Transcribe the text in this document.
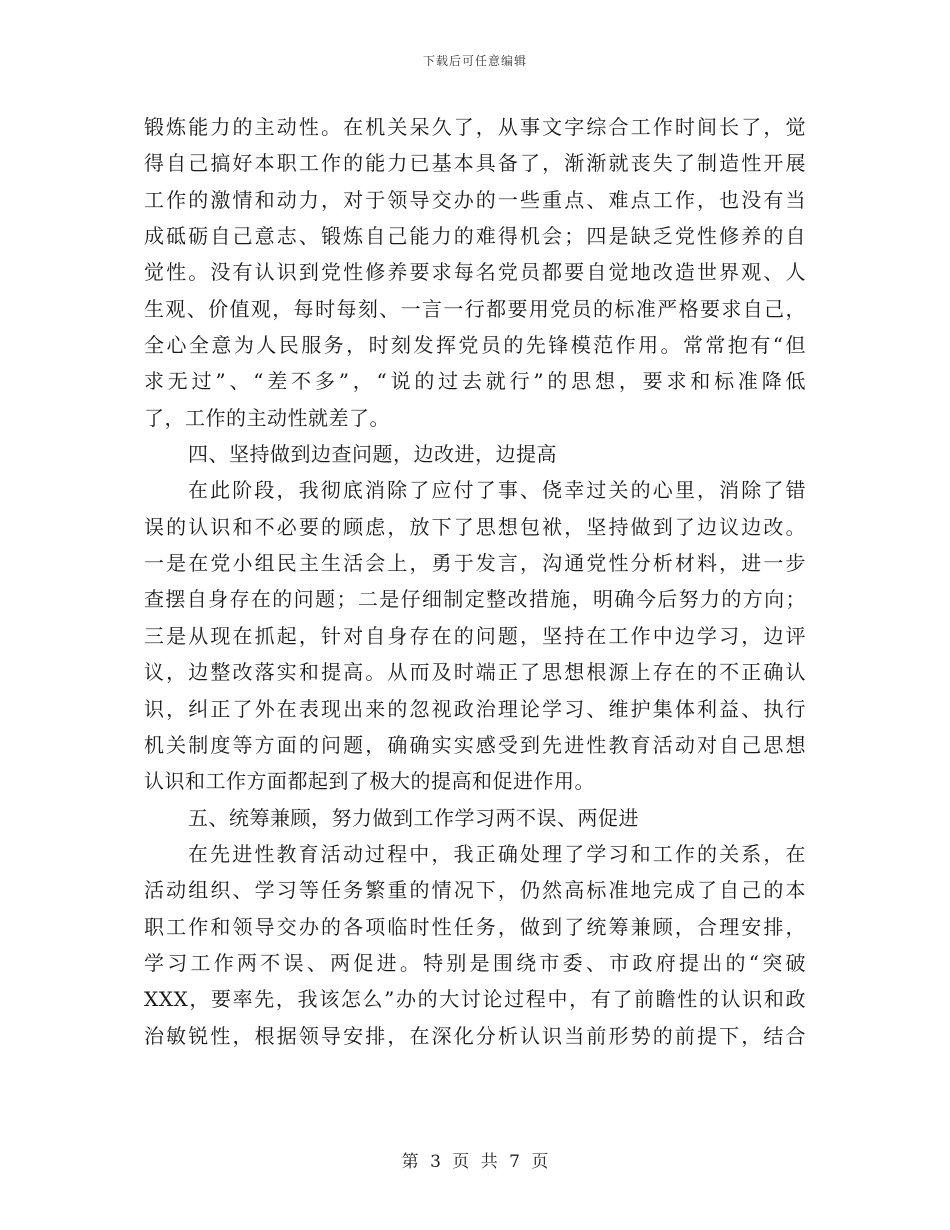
下载后可任意编辑
锻炼能力的主动性。在机关呆久了，从事文字综合工作时间长了，觉
得自己搞好本职工作的能力已基本具备了，渐渐就丧失了制造性开展
工作的激情和动力，对于领导交办的一些重点、难点工作，也没有当
成砥砺自己意志、锻炼自己能力的难得机会；四是缺乏党性修养的自
觉性。没有认识到党性修养要求每名党员都要自觉地改造世界观、人
生观、价值观，每时每刻、一言一行都要用党员的标准严格要求自己，
全心全意为人民服务，时刻发挥党员的先锋模范作用。常常抱有“但
求无过”、“差不多”，“说的过去就行”的思想，要求和标准降低
了，工作的主动性就差了。
四、坚持做到边查问题，边改进，边提高
在此阶段，我彻底消除了应付了事、侥幸过关的心里，消除了错
误的认识和不必要的顾虑，放下了思想包袱，坚持做到了边议边改。
一是在党小组民主生活会上，勇于发言，沟通党性分析材料，进一步
查摆自身存在的问题；二是仔细制定整改措施，明确今后努力的方向；
三是从现在抓起，针对自身存在的问题，坚持在工作中边学习，边评
议，边整改落实和提高。从而及时端正了思想根源上存在的不正确认
识，纠正了外在表现出来的忽视政治理论学习、维护集体利益、执行
机关制度等方面的问题，确确实实感受到先进性教育活动对自己思想
认识和工作方面都起到了极大的提高和促进作用。
五、统筹兼顾，努力做到工作学习两不误、两促进
在先进性教育活动过程中，我正确处理了学习和工作的关系，在
活动组织、学习等任务繁重的情况下，仍然高标准地完成了自己的本
职工作和领导交办的各项临时性任务，做到了统筹兼顾，合理安排，
学习工作两不误、两促进。特别是围绕市委、市政府提出的“突破
XXX，要率先，我该怎么”办的大讨论过程中，有了前瞻性的认识和政
治敏锐性，根据领导安排，在深化分析认识当前形势的前提下，结合
第 3 页 共 7 页
